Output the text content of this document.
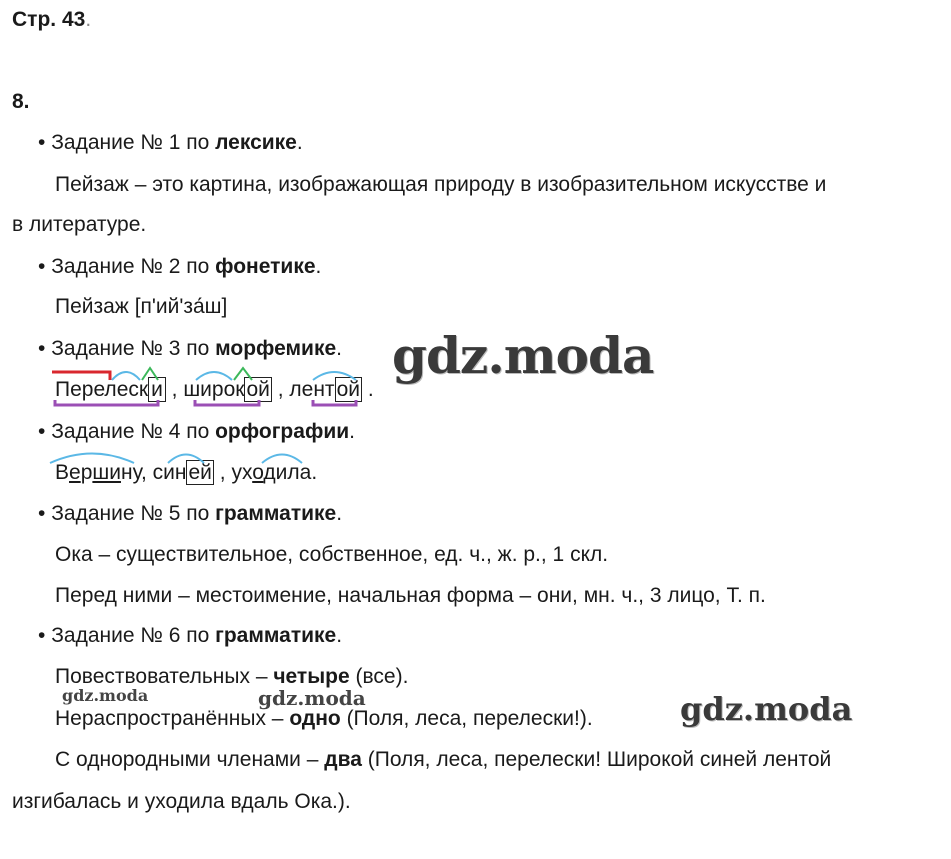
Стр. 43.
8.
• Задание № 1 по лексике.
Пейзаж – это картина, изображающая природу в изобразительном искусстве и
в литературе.
• Задание № 2 по фонетике.
Пейзаж [п'ий'за́ш]
• Задание № 3 по морфемике.
Перелеск и , широкой , лентой .
• Задание № 4 по орфографии.
Вершину, синей , уходила.
• Задание № 5 по грамматике.
Ока – существительное, собственное, ед. ч., ж. р., 1 скл.
Перед ними – местоимение, начальная форма – они, мн. ч., 3 лицо, Т. п.
• Задание № 6 по грамматике.
Повествовательных – четыре (все).
Нераспространённых – одно (Поля, леса, перелески!).
С однородными членами – два (Поля, леса, перелески! Широкой синей лентой
изгибалась и уходила вдаль Ока.).
gdz.moda
gdz.moda	gdz.moda	gdz.moda
